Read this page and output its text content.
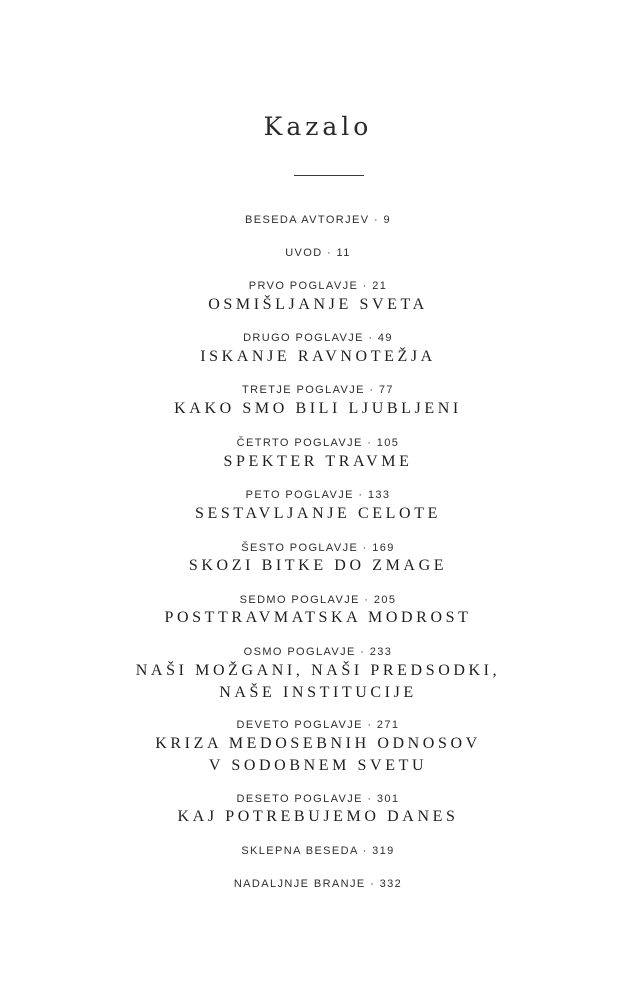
Kazalo
BESEDA AVTORJEV · 9
UVOD · 11
PRVO POGLAVJE · 21
OSMIŠLJANJE SVETA
DRUGO POGLAVJE · 49
ISKANJE RAVNOTEŽJA
TRETJE POGLAVJE · 77
KAKO SMO BILI LJUBLJENI
ČETRTO POGLAVJE · 105
SPEKTER TRAVME
PETO POGLAVJE · 133
SESTAVLJANJE CELOTE
ŠESTO POGLAVJE · 169
SKOZI BITKE DO ZMAGE
SEDMO POGLAVJE · 205
POSTTRAVMATSKA MODROST
OSMO POGLAVJE · 233
NAŠI MOŽGANI, NAŠI PREDSODKI,
NAŠE INSTITUCIJE
DEVETO POGLAVJE · 271
KRIZA MEDOSEBNIH ODNOSOV
V SODOBNEM SVETU
DESETO POGLAVJE · 301
KAJ POTREBUJEMO DANES
SKLEPNA BESEDA · 319
NADALJNJE BRANJE · 332
